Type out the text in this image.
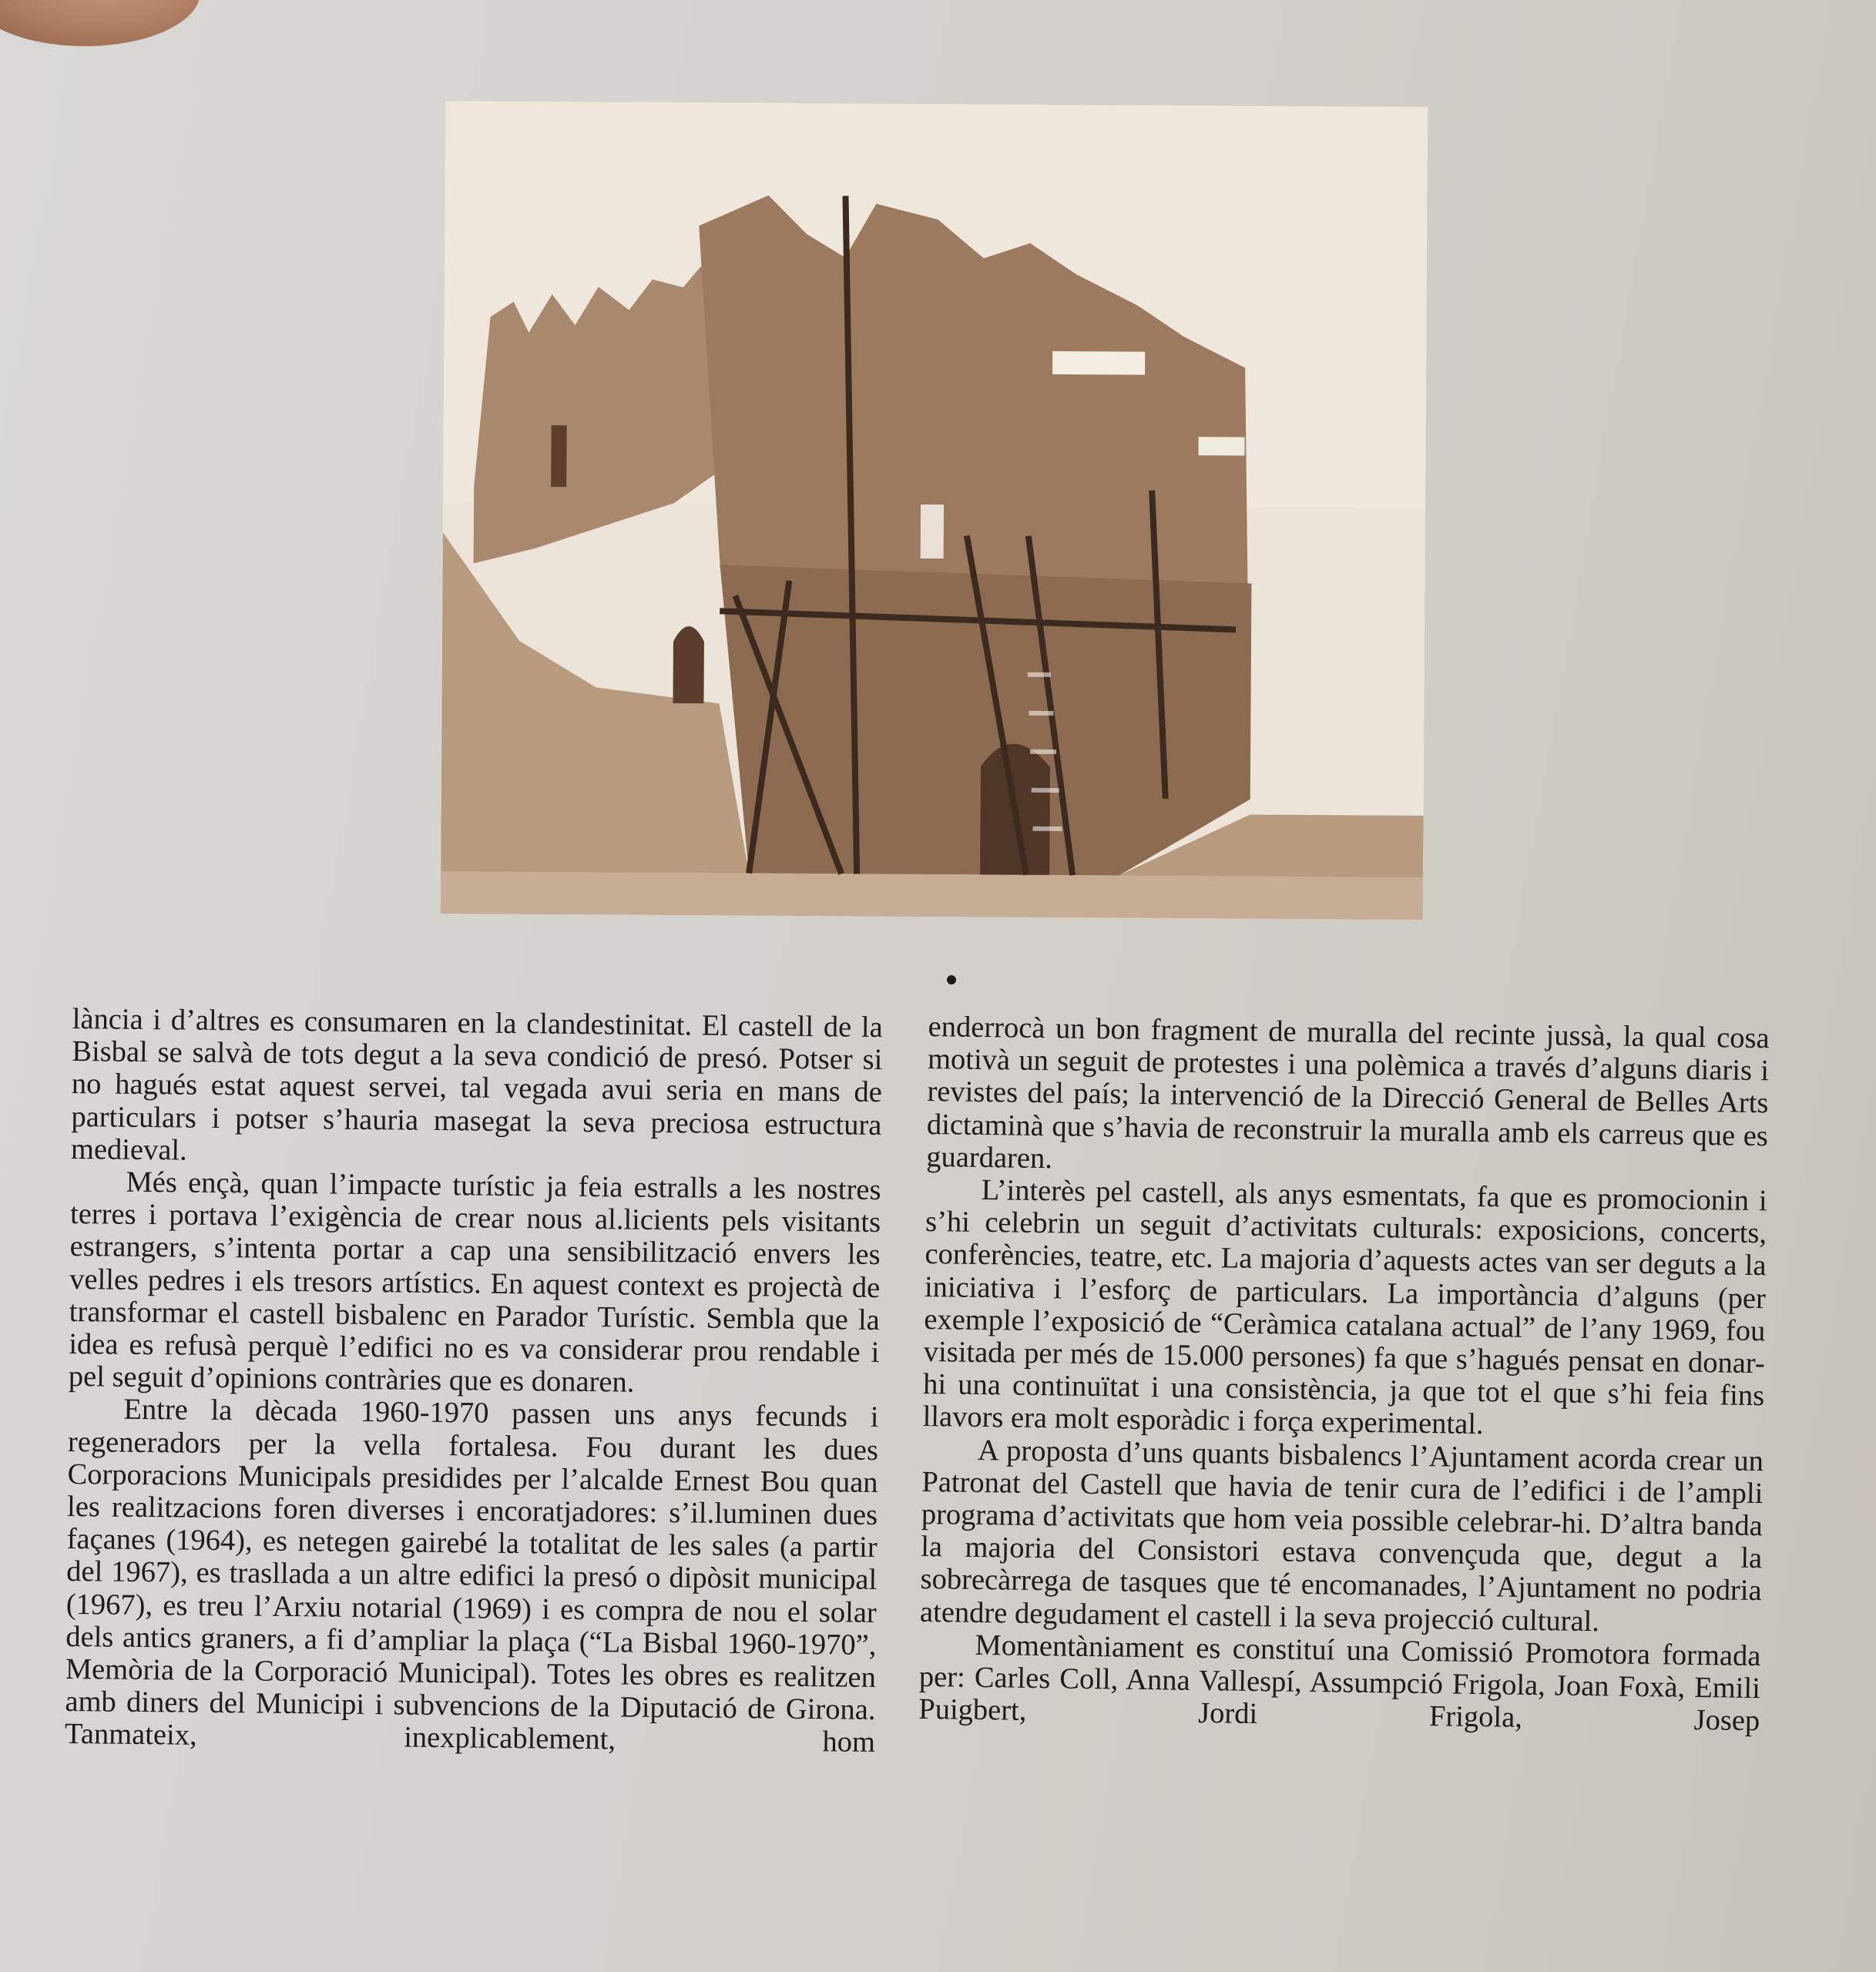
lància i d’altres es consumaren en la clandestinitat. El castell de la Bisbal se salvà de tots degut a la seva condició de presó. Potser si no hagués estat aquest servei, tal vegada avui seria en mans de particulars i potser s’hauria masegat la seva preciosa estructura medieval.

Més ençà, quan l’impacte turístic ja feia estralls a les nostres terres i portava l’exigència de crear nous al.licients pels visitants estrangers, s’intenta portar a cap una sensibilització envers les velles pedres i els tresors artístics. En aquest context es projectà de transformar el castell bisbalenc en Parador Turístic. Sembla que la idea es refusà perquè l’edifici no es va considerar prou rendable i pel seguit d’opinions contràries que es donaren.

Entre la dècada 1960-1970 passen uns anys fecunds i regeneradors per la vella fortalesa. Fou durant les dues Corporacions Municipals presidides per l’alcalde Ernest Bou quan les realitzacions foren diverses i encoratjadores: s’il.luminen dues façanes (1964), es netegen gairebé la totalitat de les sales (a partir del 1967), es trasllada a un altre edifici la presó o dipòsit municipal (1967), es treu l’Arxiu notarial (1969) i es compra de nou el solar dels antics graners, a fi d’ampliar la plaça (“La Bisbal 1960-1970”, Memòria de la Corporació Municipal). Totes les obres es realitzen amb diners del Municipi i subvencions de la Diputació de Girona. Tanmateix, inexplicablement, hom

enderrocà un bon fragment de muralla del recinte jussà, la qual cosa motivà un seguit de protestes i una polèmica a través d’alguns diaris i revistes del país; la intervenció de la Direcció General de Belles Arts dictaminà que s’havia de reconstruir la muralla amb els carreus que es guardaren.

L’interès pel castell, als anys esmentats, fa que es promocionin i s’hi celebrin un seguit d’activitats culturals: exposicions, concerts, conferències, teatre, etc. La majoria d’aquests actes van ser deguts a la iniciativa i l’esforç de particulars. La importància d’alguns (per exemple l’exposició de “Ceràmica catalana actual” de l’any 1969, fou visitada per més de 15.000 persones) fa que s’hagués pensat en donar-hi una continuïtat i una consistència, ja que tot el que s’hi feia fins llavors era molt esporàdic i força experimental.

A proposta d’uns quants bisbalencs l’Ajuntament acorda crear un Patronat del Castell que havia de tenir cura de l’edifici i de l’ampli programa d’activitats que hom veia possible celebrar-hi. D’altra banda la majoria del Consistori estava convençuda que, degut a la sobrecàrrega de tasques que té encomanades, l’Ajuntament no podria atendre degudament el castell i la seva projecció cultural.

Momentàniament es constituí una Comissió Promotora formada per: Carles Coll, Anna Vallespí, Assumpció Frigola, Joan Foxà, Emili Puigbert, Jordi Frigola, Josep
